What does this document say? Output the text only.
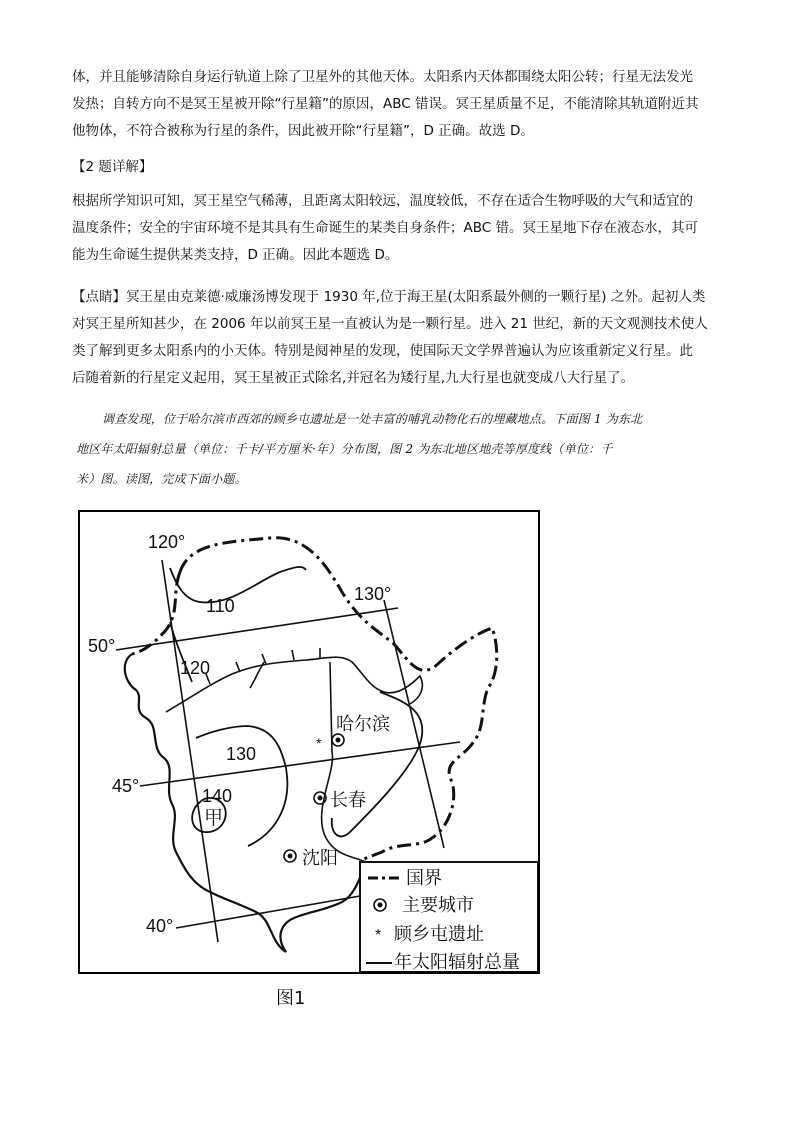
体，并且能够清除自身运行轨道上除了卫星外的其他天体。太阳系内天体都围绕太阳公转；行星无法发光
发热；自转方向不是冥王星被开除“行星籍”的原因，ABC 错误。冥王星质量不足，不能清除其轨道附近其
他物体，不符合被称为行星的条件，因此被开除“行星籍”，D 正确。故选 D。
【2 题详解】
根据所学知识可知，冥王星空气稀薄，且距离太阳较远，温度较低，不存在适合生物呼吸的大气和适宜的
温度条件；安全的宇宙环境不是其具有生命诞生的某类自身条件；ABC 错。冥王星地下存在液态水，其可
能为生命诞生提供某类支持，D 正确。因此本题选 D。
【点睛】冥王星由克莱德·威廉汤博发现于 1930 年,位于海王星(太阳系最外侧的一颗行星) 之外。起初人类
对冥王星所知甚少，在 2006 年以前冥王星一直被认为是一颗行星。进入 21 世纪，新的天文观测技术使人
类了解到更多太阳系内的小天体。特别是阋神星的发现，使国际天文学界普遍认为应该重新定义行星。此
后随着新的行星定义起用，冥王星被正式除名,并冠名为矮行星,九大行星也就变成八大行星了。
调查发现，位于哈尔滨市西郊的顾乡屯遗址是一处丰富的哺乳动物化石的埋藏地点。下面图 1 为东北
地区年太阳辐射总量（单位：千卡/平方厘米·年）分布图，图 2 为东北地区地壳等厚度线（单位：千
米）图。读图，完成下面小题。
*
120°
130°
50°
45°
40°
110
120
130
140
甲
哈尔滨
长春
沈阳
国界
主要城市
* 顾乡屯遗址
年太阳辐射总量
图1
